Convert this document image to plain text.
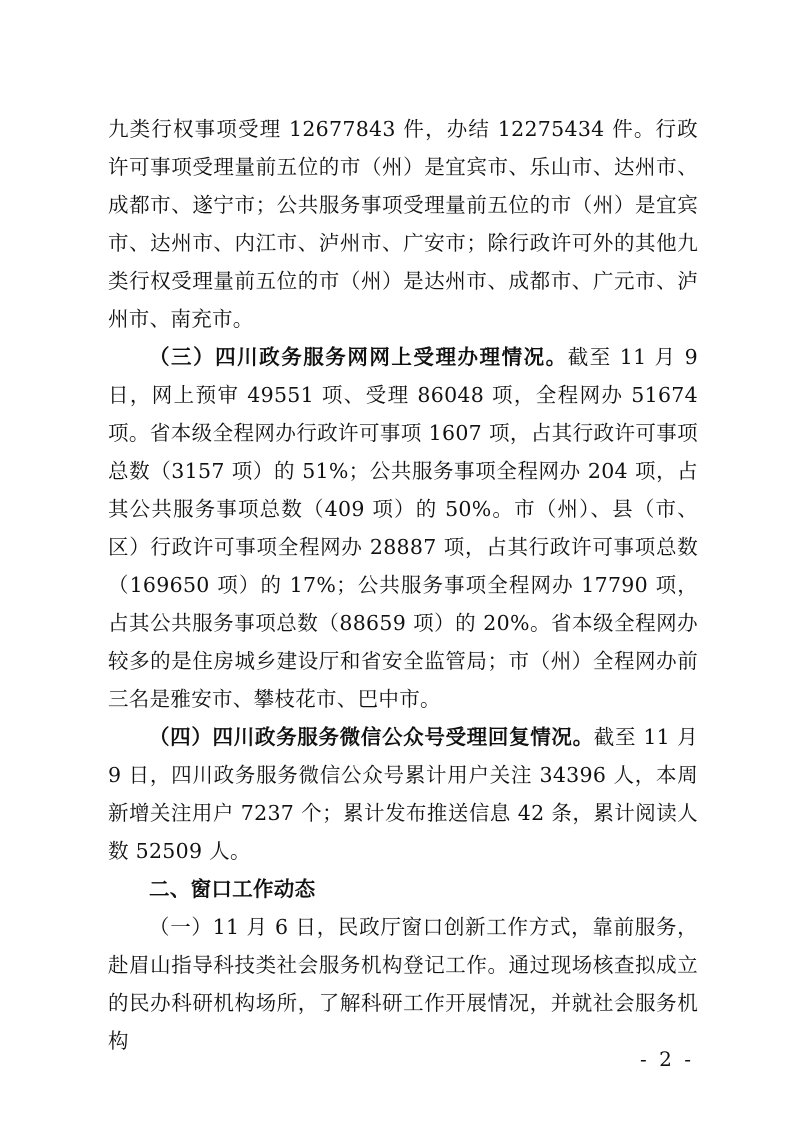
九类行权事项受理 12677843 件，办结 12275434 件。行政许可事项受理量前五位的市（州）是宜宾市、乐山市、达州市、成都市、遂宁市；公共服务事项受理量前五位的市（州）是宜宾市、达州市、内江市、泸州市、广安市；除行政许可外的其他九类行权受理量前五位的市（州）是达州市、成都市、广元市、泸州市、南充市。

（三）四川政务服务网网上受理办理情况。截至 11 月 9 日，网上预审 49551 项、受理 86048 项，全程网办 51674 项。省本级全程网办行政许可事项 1607 项，占其行政许可事项总数（3157 项）的 51%；公共服务事项全程网办 204 项，占其公共服务事项总数（409 项）的 50%。市（州）、县（市、区）行政许可事项全程网办 28887 项，占其行政许可事项总数（169650 项）的 17%；公共服务事项全程网办 17790 项，占其公共服务事项总数（88659 项）的 20%。省本级全程网办较多的是住房城乡建设厅和省安全监管局；市（州）全程网办前三名是雅安市、攀枝花市、巴中市。

（四）四川政务服务微信公众号受理回复情况。截至 11 月 9 日，四川政务服务微信公众号累计用户关注 34396 人，本周新增关注用户 7237 个；累计发布推送信息 42 条，累计阅读人数 52509 人。

二、窗口工作动态

（一）11 月 6 日，民政厅窗口创新工作方式，靠前服务，赴眉山指导科技类社会服务机构登记工作。通过现场核查拟成立的民办科研机构场所，了解科研工作开展情况，并就社会服务机构

- 2 -
